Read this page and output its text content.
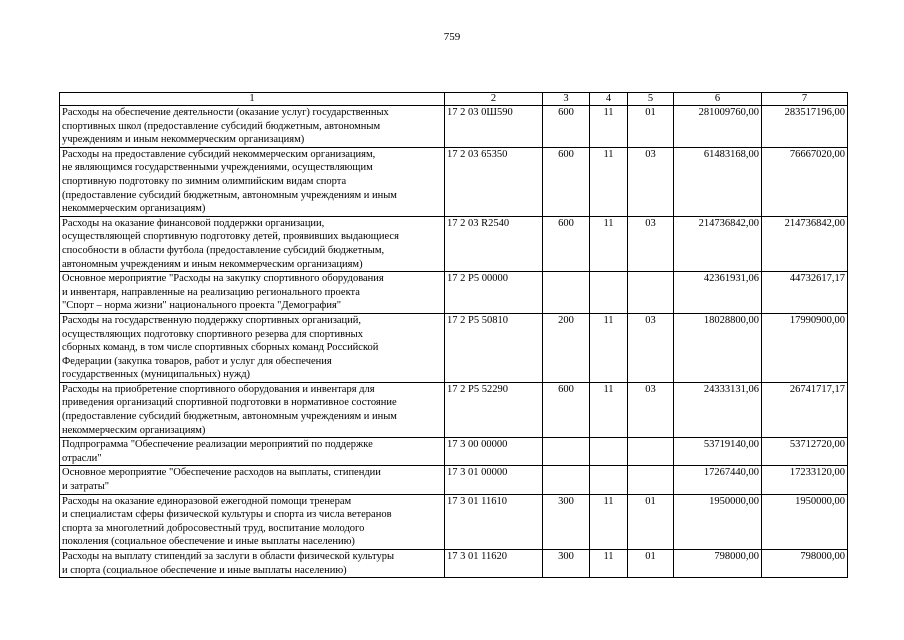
759
1	2	3	4	5	6	7

Расходы на обеспечение деятельности (оказание услуг) государственных
спортивных школ (предоставление субсидий бюджетным, автономным
учреждениям и иным некоммерческим организациям)	17 2 03 0Ш590	600	11	01	281009760,00	283517196,00

Расходы на предоставление субсидий некоммерческим организациям,
не являющимся государственными учреждениями, осуществляющим
спортивную подготовку по зимним олимпийским видам спорта
(предоставление субсидий бюджетным, автономным учреждениям и иным
некоммерческим организациям)	17 2 03 65350	600	11	03	61483168,00	76667020,00

Расходы на оказание финансовой поддержки организации,
осуществляющей спортивную подготовку детей, проявивших выдающиеся
способности в области футбола (предоставление субсидий бюджетным,
автономным учреждениям и иным некоммерческим организациям)	17 2 03 R2540	600	11	03	214736842,00	214736842,00

Основное мероприятие "Расходы на закупку спортивного оборудования
и инвентаря, направленные на реализацию регионального проекта
"Спорт – норма жизни" национального проекта "Демография"	17 2 P5 00000				42361931,06	44732617,17

Расходы на государственную поддержку спортивных организаций,
осуществляющих подготовку спортивного резерва для спортивных
сборных команд, в том числе спортивных сборных команд Российской
Федерации (закупка товаров, работ и услуг для обеспечения
государственных (муниципальных) нужд)	17 2 P5 50810	200	11	03	18028800,00	17990900,00

Расходы на приобретение спортивного оборудования и инвентаря для
приведения организаций спортивной подготовки в нормативное состояние
(предоставление субсидий бюджетным, автономным учреждениям и иным
некоммерческим организациям)	17 2 P5 52290	600	11	03	24333131,06	26741717,17

Подпрограмма "Обеспечение реализации мероприятий по поддержке
отрасли"	17 3 00 00000				53719140,00	53712720,00

Основное мероприятие "Обеспечение расходов на выплаты, стипендии
и затраты"	17 3 01 00000				17267440,00	17233120,00

Расходы на оказание единоразовой ежегодной помощи тренерам
и специалистам сферы физической культуры и спорта из числа ветеранов
спорта за многолетний добросовестный труд, воспитание молодого
поколения (социальное обеспечение и иные выплаты населению)	17 3 01 11610	300	11	01	1950000,00	1950000,00

Расходы на выплату стипендий за заслуги в области физической культуры
и спорта (социальное обеспечение и иные выплаты населению)	17 3 01 11620	300	11	01	798000,00	798000,00
